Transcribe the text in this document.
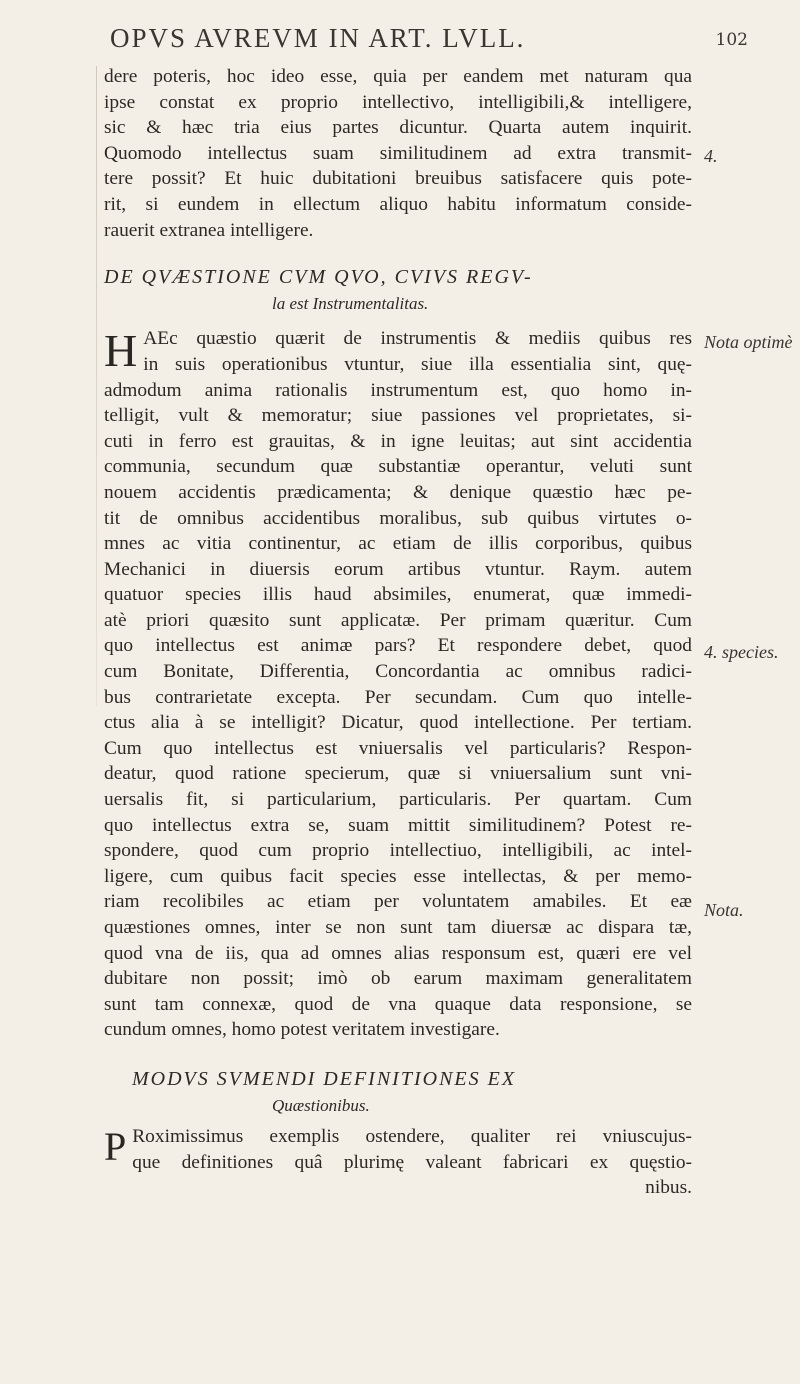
OPVS AVREVM IN ART. LVLL.	102
dere poteris, hoc ideo esse, quia per eandem met naturam qua
ipse constat ex proprio intellectivo, intelligibili,& intelligere,
sic & hæc tria eius partes dicuntur. Quarta autem inquirit.
Quomodo intellectus suam similitudinem ad extra transmit-
tere possit? Et huic dubitationi breuibus satisfacere quis pote-
rit, si eundem in ellectum aliquo habitu informatum conside-
rauerit extranea intelligere.
DE QVÆSTIONE CVM QVO, CVIVS REGV-
la est Instrumentalitas.
H AEc quæstio quærit de instrumentis & mediis quibus res
in suis operationibus vtuntur, siue illa essentialia sint, quę-
admodum anima rationalis instrumentum est, quo homo in-
telligit, vult & memoratur; siue passiones vel proprietates, si-
cuti in ferro est grauitas, & in igne leuitas; aut sint accidentia
communia, secundum quæ substantiæ operantur, veluti sunt
nouem accidentis prædicamenta; & denique quæstio hæc pe-
tit de omnibus accidentibus moralibus, sub quibus virtutes o-
mnes ac vitia continentur, ac etiam de illis corporibus, quibus
Mechanici in diuersis eorum artibus vtuntur. Raym. autem
quatuor species illis haud absimiles, enumerat, quæ immedi-
atè priori quæsito sunt applicatæ. Per primam quæritur. Cum
quo intellectus est animæ pars? Et respondere debet, quod
cum Bonitate, Differentia, Concordantia ac omnibus radici-
bus contrarietate excepta. Per secundam. Cum quo intelle-
ctus alia à se intelligit? Dicatur, quod intellectione. Per tertiam.
Cum quo intellectus est vniuersalis vel particularis? Respon-
deatur, quod ratione specierum, quæ si vniuersalium sunt vni-
uersalis fit, si particularium, particularis. Per quartam. Cum
quo intellectus extra se, suam mittit similitudinem? Potest re-
spondere, quod cum proprio intellectiuo, intelligibili, ac intel-
ligere, cum quibus facit species esse intellectas, & per memo-
riam recolibiles ac etiam per voluntatem amabiles. Et eæ
quæstiones omnes, inter se non sunt tam diuersæ ac dispara tæ,
quod vna de iis, qua ad omnes alias responsum est, quæri ere vel
dubitare non possit; imò ob earum maximam generalitatem
sunt tam connexæ, quod de vna quaque data responsione, se
cundum omnes, homo potest veritatem investigare.
MODVS SVMENDI DEFINITIONES EX
Quæstionibus.
P Roximissimus exemplis ostendere, qualiter rei vniuscujus-
que definitiones quâ plurimę valeant fabricari ex quęstio-
nibus.
4.
Nota optimè
4. species.
Nota.
